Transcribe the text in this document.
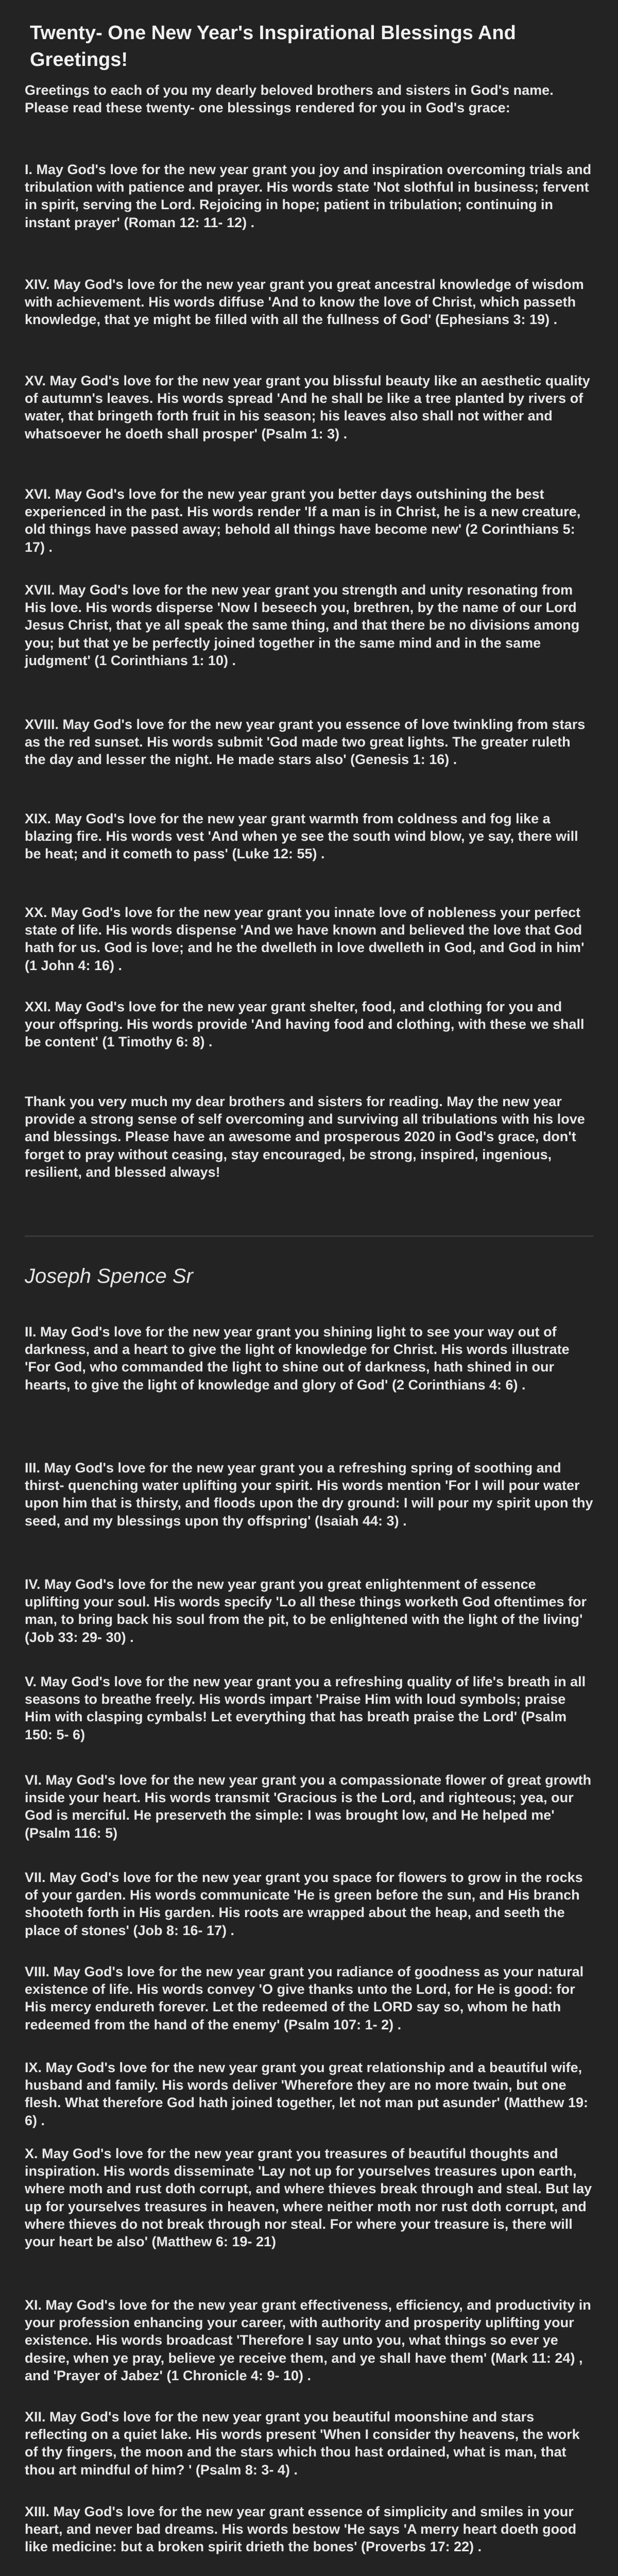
Twenty- One New Year's Inspirational Blessings And Greetings!

Greetings to each of you my dearly beloved brothers and sisters in God's name. Please read these twenty- one blessings rendered for you in God's grace:

I. May God's love for the new year grant you joy and inspiration overcoming trials and tribulation with patience and prayer. His words state 'Not slothful in business; fervent in spirit, serving the Lord. Rejoicing in hope; patient in tribulation; continuing in instant prayer' (Roman 12: 11- 12) .

XIV. May God's love for the new year grant you great ancestral knowledge of wisdom with achievement. His words diffuse 'And to know the love of Christ, which passeth knowledge, that ye might be filled with all the fullness of God' (Ephesians 3: 19) .

XV. May God's love for the new year grant you blissful beauty like an aesthetic quality of autumn's leaves. His words spread 'And he shall be like a tree planted by rivers of water, that bringeth forth fruit in his season; his leaves also shall not wither and whatsoever he doeth shall prosper' (Psalm 1: 3) .

XVI. May God's love for the new year grant you better days outshining the best experienced in the past. His words render 'If a man is in Christ, he is a new creature, old things have passed away; behold all things have become new' (2 Corinthians 5: 17) .

XVII. May God's love for the new year grant you strength and unity resonating from His love. His words disperse 'Now I beseech you, brethren, by the name of our Lord Jesus Christ, that ye all speak the same thing, and that there be no divisions among you; but that ye be perfectly joined together in the same mind and in the same judgment' (1 Corinthians 1: 10) .

XVIII. May God's love for the new year grant you essence of love twinkling from stars as the red sunset. His words submit 'God made two great lights. The greater ruleth the day and lesser the night. He made stars also' (Genesis 1: 16) .

XIX. May God's love for the new year grant warmth from coldness and fog like a blazing fire. His words vest 'And when ye see the south wind blow, ye say, there will be heat; and it cometh to pass' (Luke 12: 55) .

XX. May God's love for the new year grant you innate love of nobleness your perfect state of life. His words dispense 'And we have known and believed the love that God hath for us. God is love; and he the dwelleth in love dwelleth in God, and God in him' (1 John 4: 16) .

XXI. May God's love for the new year grant shelter, food, and clothing for you and your offspring. His words provide 'And having food and clothing, with these we shall be content' (1 Timothy 6: 8) .

Thank you very much my dear brothers and sisters for reading. May the new year provide a strong sense of self overcoming and surviving all tribulations with his love and blessings. Please have an awesome and prosperous 2020 in God's grace, don't forget to pray without ceasing, stay encouraged, be strong, inspired, ingenious, resilient, and blessed always!

Joseph Spence Sr

II. May God's love for the new year grant you shining light to see your way out of darkness, and a heart to give the light of knowledge for Christ. His words illustrate 'For God, who commanded the light to shine out of darkness, hath shined in our hearts, to give the light of knowledge and glory of God' (2 Corinthians 4: 6) .

III. May God's love for the new year grant you a refreshing spring of soothing and thirst- quenching water uplifting your spirit. His words mention 'For I will pour water upon him that is thirsty, and floods upon the dry ground: I will pour my spirit upon thy seed, and my blessings upon thy offspring' (Isaiah 44: 3) .

IV. May God's love for the new year grant you great enlightenment of essence uplifting your soul. His words specify 'Lo all these things worketh God oftentimes for man, to bring back his soul from the pit, to be enlightened with the light of the living' (Job 33: 29- 30) .

V. May God's love for the new year grant you a refreshing quality of life's breath in all seasons to breathe freely. His words impart 'Praise Him with loud symbols; praise Him with clasping cymbals! Let everything that has breath praise the Lord' (Psalm 150: 5- 6)

VI. May God's love for the new year grant you a compassionate flower of great growth inside your heart. His words transmit 'Gracious is the Lord, and righteous; yea, our God is merciful. He preserveth the simple: I was brought low, and He helped me' (Psalm 116: 5)

VII. May God's love for the new year grant you space for flowers to grow in the rocks of your garden. His words communicate 'He is green before the sun, and His branch shooteth forth in His garden. His roots are wrapped about the heap, and seeth the place of stones' (Job 8: 16- 17) .

VIII. May God's love for the new year grant you radiance of goodness as your natural existence of life. His words convey 'O give thanks unto the Lord, for He is good: for His mercy endureth forever. Let the redeemed of the LORD say so, whom he hath redeemed from the hand of the enemy' (Psalm 107: 1- 2) .

IX. May God's love for the new year grant you great relationship and a beautiful wife, husband and family. His words deliver 'Wherefore they are no more twain, but one flesh. What therefore God hath joined together, let not man put asunder' (Matthew 19: 6) .

X. May God's love for the new year grant you treasures of beautiful thoughts and inspiration. His words disseminate 'Lay not up for yourselves treasures upon earth, where moth and rust doth corrupt, and where thieves break through and steal. But lay up for yourselves treasures in heaven, where neither moth nor rust doth corrupt, and where thieves do not break through nor steal. For where your treasure is, there will your heart be also' (Matthew 6: 19- 21)

XI. May God's love for the new year grant effectiveness, efficiency, and productivity in your profession enhancing your career, with authority and prosperity uplifting your existence. His words broadcast 'Therefore I say unto you, what things so ever ye desire, when ye pray, believe ye receive them, and ye shall have them' (Mark 11: 24) , and 'Prayer of Jabez' (1 Chronicle 4: 9- 10) .

XII. May God's love for the new year grant you beautiful moonshine and stars reflecting on a quiet lake. His words present 'When I consider thy heavens, the work of thy fingers, the moon and the stars which thou hast ordained, what is man, that thou art mindful of him? ' (Psalm 8: 3- 4) .

XIII. May God's love for the new year grant essence of simplicity and smiles in your heart, and never bad dreams. His words bestow 'He says 'A merry heart doeth good like medicine: but a broken spirit drieth the bones' (Proverbs 17: 22) .
